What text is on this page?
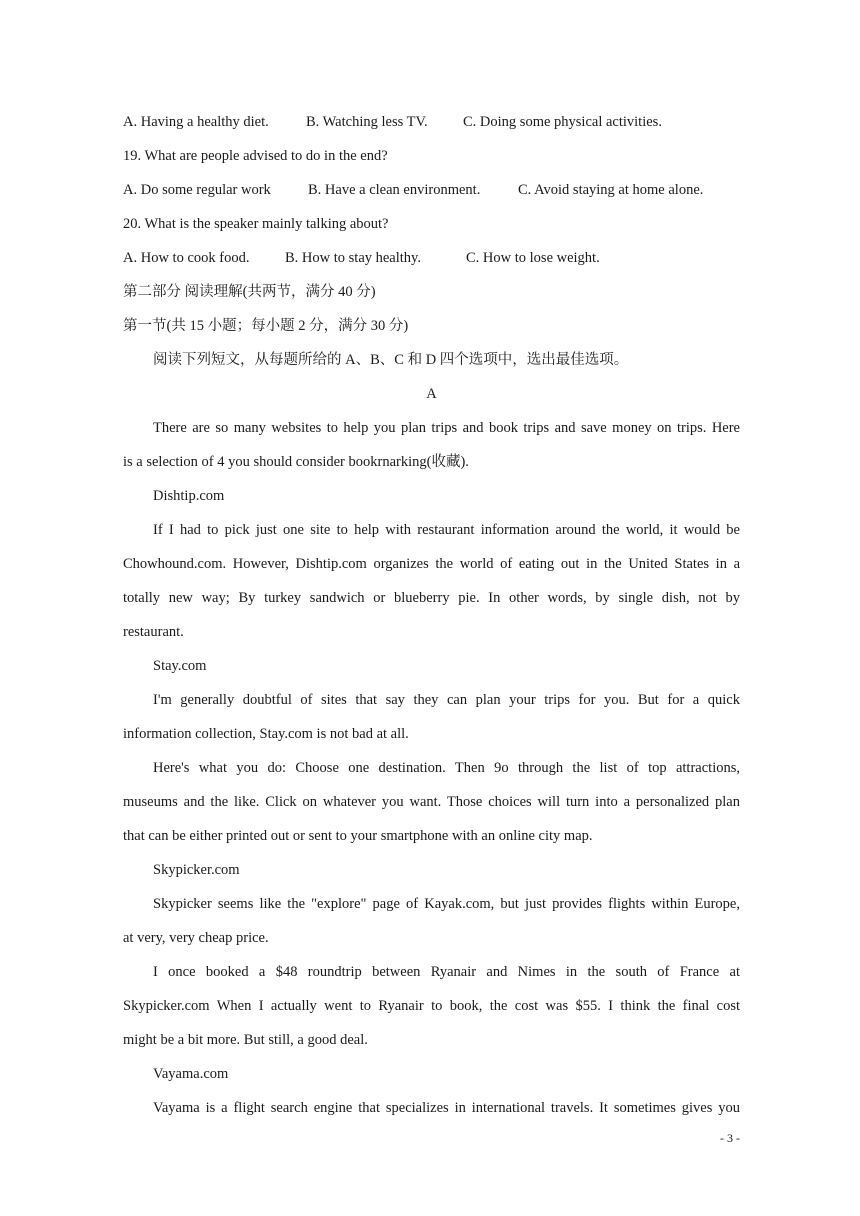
A. Having a healthy diet.	B. Watching less TV. C. Doing some physical activities.
19. What are people advised to do in the end?
A. Do some regular work	B. Have a clean environment.	C. Avoid staying at home alone.
20. What is the speaker mainly talking about?
A. How to cook food. B. How to stay healthy.	C. How to lose weight.
第二部分 阅读理解(共两节，满分 40 分)
第一节(共 15 小题；每小题 2 分，满分 30 分)
阅读下列短文，从每题所给的 A、B、C 和 D 四个选项中，选出最佳选项。
A
There are so many websites to help you plan trips and book trips and save money on trips. Here
is a selection of 4 you should consider bookrnarking(收藏).
Dishtip.com
If I had to pick just one site to help with restaurant information around the world, it would be
Chowhound.com. However, Dishtip.com organizes the world of eating out in the United States in a
totally new way; By turkey sandwich or blueberry pie. In other words, by single dish, not by
restaurant.
Stay.com
I'm generally doubtful of sites that say they can plan your trips for you. But for a quick
information collection, Stay.com is not bad at all.
Here's what you do: Choose one destination. Then 9o through the list of top attractions,
museums and the like. Click on whatever you want. Those choices will turn into a personalized plan
that can be either printed out or sent to your smartphone with an online city map.
Skypicker.com
Skypicker seems like the "explore" page of Kayak.com, but just provides flights within Europe,
at very, very cheap price.
I once booked a $48 roundtrip between Ryanair and Nimes in the south of France at
Skypicker.com When I actually went to Ryanair to book, the cost was $55. I think the final cost
might be a bit more. But still, a good deal.
Vayama.com
Vayama is a flight search engine that specializes in international travels. It sometimes gives you
- 3 -
